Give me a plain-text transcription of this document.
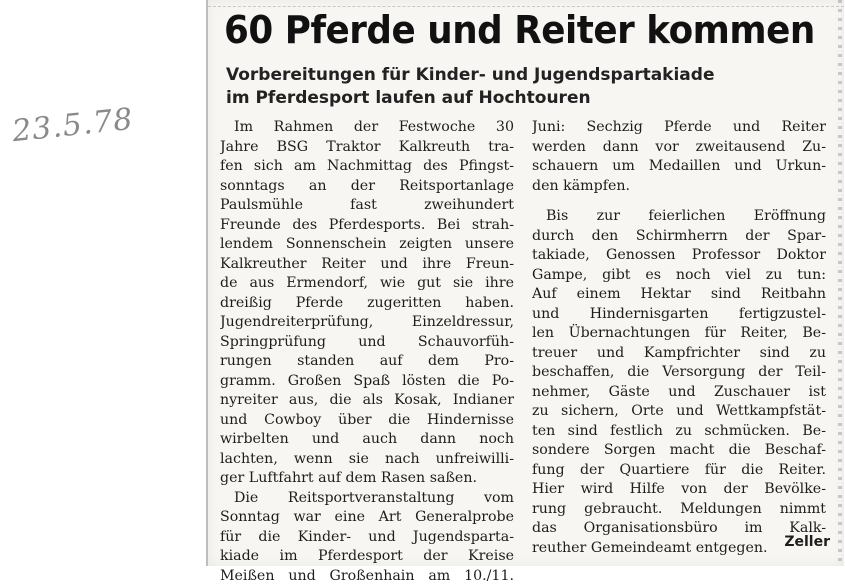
23.5.78
60 Pferde und Reiter kommen
Vorbereitungen für Kinder- und Jugendspartakiade
im Pferdesport laufen auf Hochtouren
Im Rahmen der Festwoche 30
Jahre BSG Traktor Kalkreuth tra-
fen sich am Nachmittag des Pfingst-
sonntags an der Reitsportanlage
Paulsmühle fast zweihundert
Freunde des Pferdesports. Bei strah-
lendem Sonnenschein zeigten unsere
Kalkreuther Reiter und ihre Freun-
de aus Ermendorf, wie gut sie ihre
dreißig Pferde zugeritten haben.
Jugendreiterprüfung, Einzeldressur,
Springprüfung und Schauvorfüh-
rungen standen auf dem Pro-
gramm. Großen Spaß lösten die Po-
nyreiter aus, die als Kosak, Indianer
und Cowboy über die Hindernisse
wirbelten und auch dann noch
lachten, wenn sie nach unfreiwilli-
ger Luftfahrt auf dem Rasen saßen.
Die Reitsportveranstaltung vom
Sonntag war eine Art Generalprobe
für die Kinder- und Jugendsparta-
kiade im Pferdesport der Kreise
Meißen und Großenhain am 10./11.
Juni: Sechzig Pferde und Reiter
werden dann vor zweitausend Zu-
schauern um Medaillen und Urkun-
den kämpfen.
Bis zur feierlichen Eröffnung
durch den Schirmherrn der Spar-
takiade, Genossen Professor Doktor
Gampe, gibt es noch viel zu tun:
Auf einem Hektar sind Reitbahn
und Hindernisgarten fertigzustel-
len Übernachtungen für Reiter, Be-
treuer und Kampfrichter sind zu
beschaffen, die Versorgung der Teil-
nehmer, Gäste und Zuschauer ist
zu sichern, Orte und Wettkampfstät-
ten sind festlich zu schmücken. Be-
sondere Sorgen macht die Beschaf-
fung der Quartiere für die Reiter.
Hier wird Hilfe von der Bevölke-
rung gebraucht. Meldungen nimmt
das Organisationsbüro im Kalk-
reuther Gemeindeamt entgegen.	Zeller
